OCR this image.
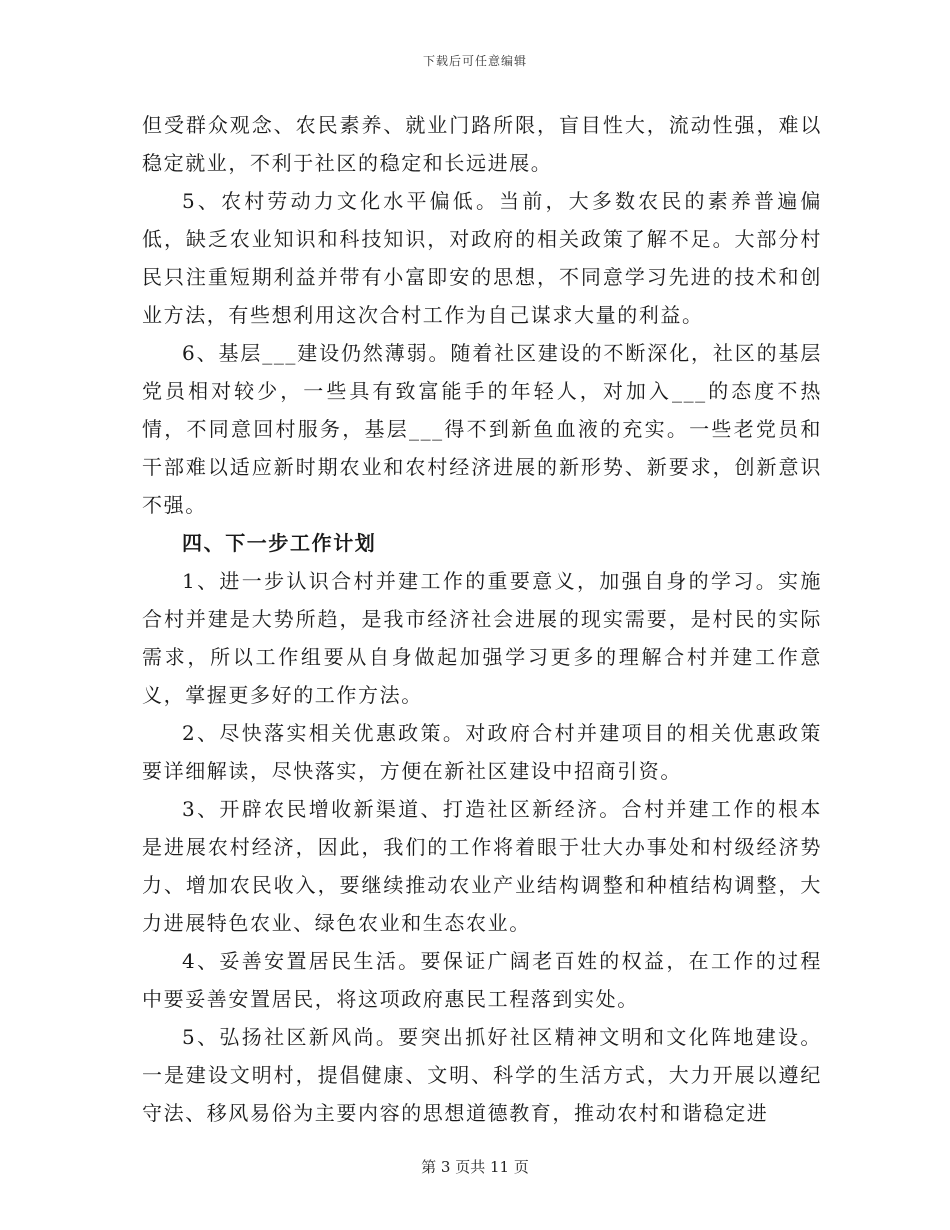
下载后可任意编辑

但受群众观念、农民素养、就业门路所限，盲目性大，流动性强，难以稳定就业，不利于社区的稳定和长远进展。

5、农村劳动力文化水平偏低。当前，大多数农民的素养普遍偏低，缺乏农业知识和科技知识，对政府的相关政策了解不足。大部分村民只注重短期利益并带有小富即安的思想，不同意学习先进的技术和创业方法，有些想利用这次合村工作为自己谋求大量的利益。

6、基层___建设仍然薄弱。随着社区建设的不断深化，社区的基层党员相对较少，一些具有致富能手的年轻人，对加入___的态度不热情，不同意回村服务，基层___得不到新鱼血液的充实。一些老党员和干部难以适应新时期农业和农村经济进展的新形势、新要求，创新意识不强。

四、下一步工作计划

1、进一步认识合村并建工作的重要意义，加强自身的学习。实施合村并建是大势所趋，是我市经济社会进展的现实需要，是村民的实际需求，所以工作组要从自身做起加强学习更多的理解合村并建工作意义，掌握更多好的工作方法。

2、尽快落实相关优惠政策。对政府合村并建项目的相关优惠政策要详细解读，尽快落实，方便在新社区建设中招商引资。

3、开辟农民增收新渠道、打造社区新经济。合村并建工作的根本是进展农村经济，因此，我们的工作将着眼于壮大办事处和村级经济势力、增加农民收入，要继续推动农业产业结构调整和种植结构调整，大力进展特色农业、绿色农业和生态农业。

4、妥善安置居民生活。要保证广阔老百姓的权益，在工作的过程中要妥善安置居民，将这项政府惠民工程落到实处。

5、弘扬社区新风尚。要突出抓好社区精神文明和文化阵地建设。一是建设文明村，提倡健康、文明、科学的生活方式，大力开展以遵纪守法、移风易俗为主要内容的思想道德教育，推动农村和谐稳定进

第 3 页共 11 页
